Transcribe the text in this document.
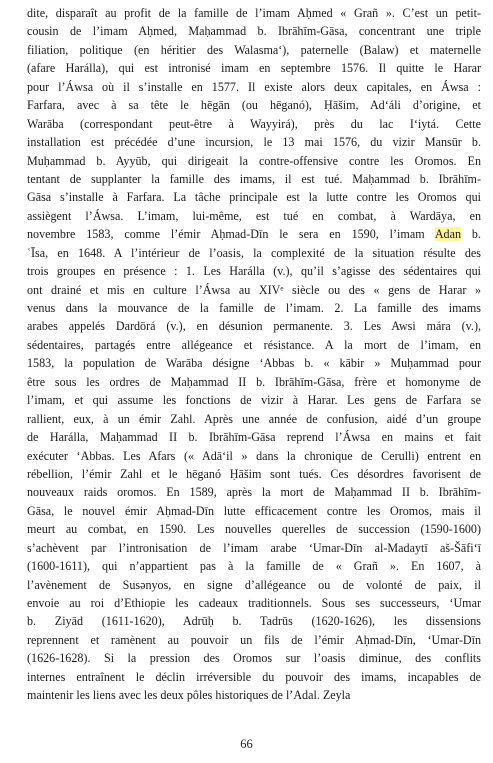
dite, disparaît au profit de la famille de l’imam Aḥmed « Grañ ». C’est un petit-
cousin de l’imam Aḥmed, Maḥammad b. Ibrāhīm-Gāsa, concentrant une triple
filiation, politique (en héritier des Walasma‘), paternelle (Balaw) et maternelle
(afare Harálla), qui est intronisé imam en septembre 1576. Il quitte le Harar
pour l’Áwsa où il s’installe en 1577. Il existe alors deux capitales, en Áwsa :
Farfara, avec à sa tête le hēgān (ou hēganó), Ḥāšim, Ad‘áli d’origine, et
Warāba (correspondant peut-être à Wayyirá), près du lac I‘iytá. Cette
installation est précédée d’une incursion, le 13 mai 1576, du vizir Mansūr b.
Muḥammad b. Ayyūb, qui dirigeait la contre-offensive contre les Oromos. En
tentant de supplanter la famille des imams, il est tué. Maḥammad b. Ibrāhīm-
Gāsa s’installe à Farfara. La tâche principale est la lutte contre les Oromos qui
assiègent l’Áwsa. L’imam, lui-même, est tué en combat, à Wardāya, en
novembre 1583, comme l’émir Aḥmad-Dīn le sera en 1590, l’imam Adan b.
ʿĪsa, en 1648. A l’intérieur de l’oasis, la complexité de la situation résulte des
trois groupes en présence : 1. Les Harálla (v.), qu’il s’agisse des sédentaires qui
ont drainé et mis en culture l’Áwsa au XIVᵉ siècle ou des « gens de Harar »
venus dans la mouvance de la famille de l’imam. 2. La famille des imams
arabes appelés Dardōrá (v.), en désunion permanente. 3. Les Awsi mára (v.),
sédentaires, partagés entre allégeance et résistance. A la mort de l’imam, en
1583, la population de Warāba désigne ‘Abbas b. « kābir » Muḥammad pour
être sous les ordres de Maḥammad II b. Ibrāhīm-Gāsa, frère et homonyme de
l’imam, et qui assume les fonctions de vizir à Harar. Les gens de Farfara se
rallient, eux, à un émir Zahl. Après une année de confusion, aidé d’un groupe
de Harálla, Maḥammad II b. Ibrāhīm-Gāsa reprend l’Áwsa en mains et fait
exécuter ‘Abbas. Les Afars (« Adā‘il » dans la chronique de Cerulli) entrent en
rébellion, l’émir Zahl et le hēganó Ḥāšim sont tués. Ces désordres favorisent de
nouveaux raids oromos. En 1589, après la mort de Maḥammad II b. Ibrāhīm-
Gāsa, le nouvel émir Aḥmad-Dīn lutte efficacement contre les Oromos, mais il
meurt au combat, en 1590. Les nouvelles querelles de succession (1590-1600)
s’achèvent par l’intronisation de l’imam arabe ‘Umar-Dīn al-Madaytī aš-Šāfi‘ī
(1600-1611), qui n’appartient pas à la famille de « Grañ ». En 1607, à
l’avènement de Susənyos, en signe d’allégeance ou de volonté de paix, il
envoie au roi d’Ethiopie les cadeaux traditionnels. Sous ses successeurs, ‘Umar
b. Ziyād (1611-1620), Adrūḥ b. Tadrūs (1620-1626), les dissensions
reprennent et ramènent au pouvoir un fils de l’émir Aḥmad-Dīn, ‘Umar-Dīn
(1626-1628). Si la pression des Oromos sur l’oasis diminue, des conflits
internes entraînent le déclin irréversible du pouvoir des imams, incapables de
maintenir les liens avec les deux pôles historiques de l’Adal. Zeyla
66
